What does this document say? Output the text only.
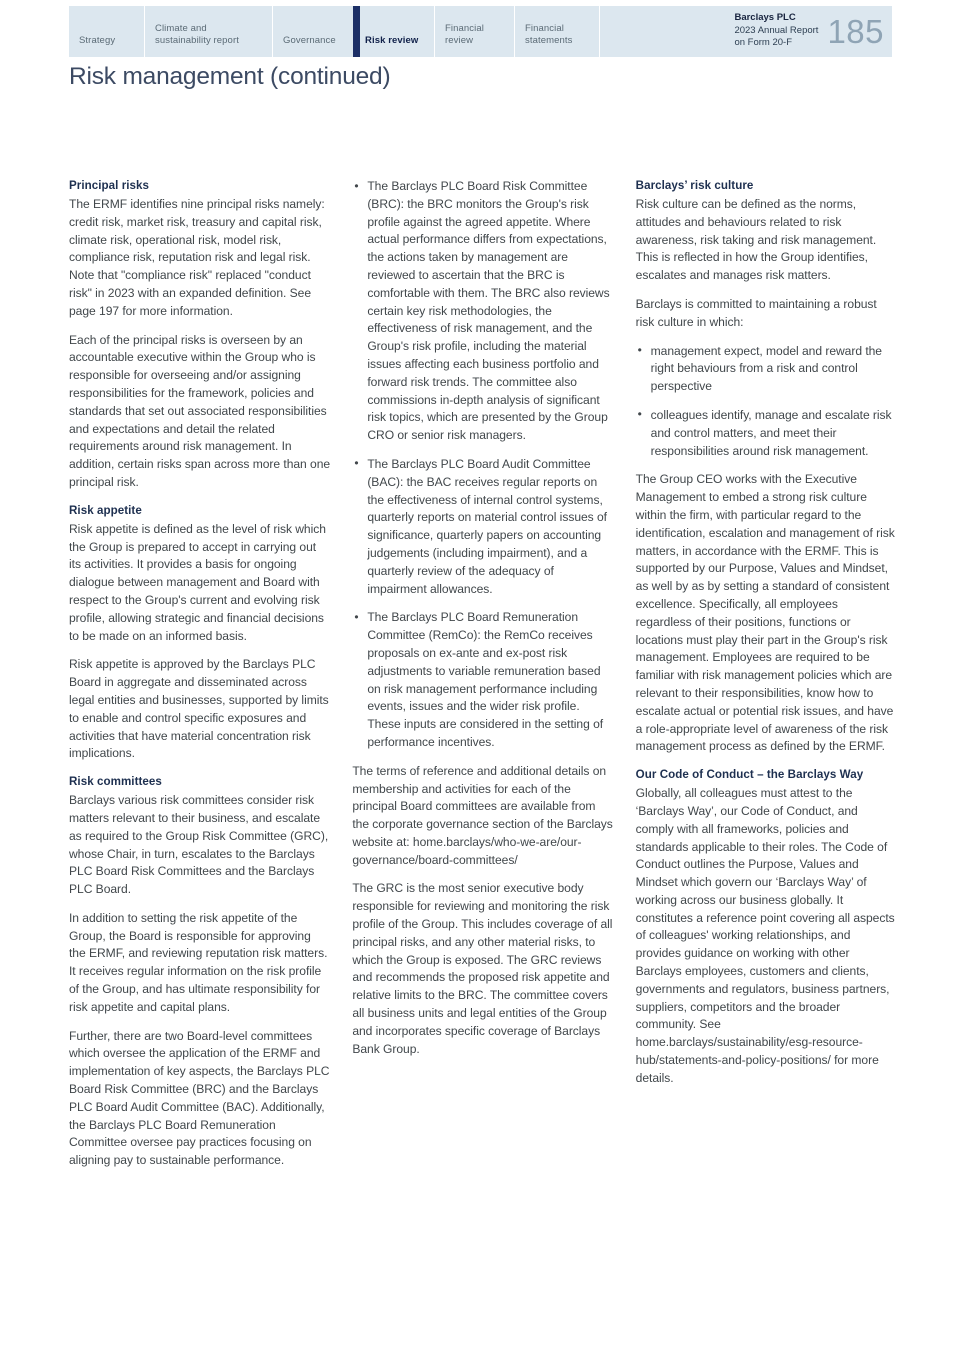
Strategy
Climate and sustainability report	Governance	Risk review
Financial review
Financial statements
Barclays PLC
2023 Annual Report
on Form 20-F	185
Risk management (continued)
Principal risks

The ERMF identifies nine principal risks namely: credit risk, market risk, treasury and capital risk, climate risk, operational risk, model risk, compliance risk, reputation risk and legal risk. Note that "compliance risk" replaced "conduct risk" in 2023 with an expanded definition. See page 197 for more information.

Each of the principal risks is overseen by an accountable executive within the Group who is responsible for overseeing and/or assigning responsibilities for the framework, policies and standards that set out associated responsibilities and expectations and detail the related requirements around risk management. In addition, certain risks span across more than one principal risk.

Risk appetite

Risk appetite is defined as the level of risk which the Group is prepared to accept in carrying out its activities. It provides a basis for ongoing dialogue between management and Board with respect to the Group's current and evolving risk profile, allowing strategic and financial decisions to be made on an informed basis.

Risk appetite is approved by the Barclays PLC Board in aggregate and disseminated across legal entities and businesses, supported by limits to enable and control specific exposures and activities that have material concentration risk implications.

Risk committees

Barclays various risk committees consider risk matters relevant to their business, and escalate as required to the Group Risk Committee (GRC), whose Chair, in turn, escalates to the Barclays PLC Board Risk Committees and the Barclays PLC Board.

In addition to setting the risk appetite of the Group, the Board is responsible for approving the ERMF, and reviewing reputation risk matters. It receives regular information on the risk profile of the Group, and has ultimate responsibility for risk appetite and capital plans.

Further, there are two Board-level committees which oversee the application of the ERMF and implementation of key aspects, the Barclays PLC Board Risk Committee (BRC) and the Barclays PLC Board Audit Committee (BAC). Additionally, the Barclays PLC Board Remuneration Committee oversee pay practices focusing on aligning pay to sustainable performance.

• The Barclays PLC Board Risk Committee (BRC): the BRC monitors the Group's risk profile against the agreed appetite. Where actual performance differs from expectations, the actions taken by management are reviewed to ascertain that the BRC is comfortable with them. The BRC also reviews certain key risk methodologies, the effectiveness of risk management, and the Group's risk profile, including the material issues affecting each business portfolio and forward risk trends. The committee also commissions in-depth analysis of significant risk topics, which are presented by the Group CRO or senior risk managers.
• The Barclays PLC Board Audit Committee (BAC): the BAC receives regular reports on the effectiveness of internal control systems, quarterly reports on material control issues of significance, quarterly papers on accounting judgements (including impairment), and a quarterly review of the adequacy of impairment allowances.
• The Barclays PLC Board Remuneration Committee (RemCo): the RemCo receives proposals on ex-ante and ex-post risk adjustments to variable remuneration based on risk management performance including events, issues and the wider risk profile. These inputs are considered in the setting of performance incentives.

The terms of reference and additional details on membership and activities for each of the principal Board committees are available from the corporate governance section of the Barclays website at: home.barclays/who-we-are/our-governance/board-committees/

The GRC is the most senior executive body responsible for reviewing and monitoring the risk profile of the Group. This includes coverage of all principal risks, and any other material risks, to which the Group is exposed. The GRC reviews and recommends the proposed risk appetite and relative limits to the BRC. The committee covers all business units and legal entities of the Group and incorporates specific coverage of Barclays Bank Group.

Barclays’ risk culture

Risk culture can be defined as the norms, attitudes and behaviours related to risk awareness, risk taking and risk management. This is reflected in how the Group identifies, escalates and manages risk matters.

Barclays is committed to maintaining a robust risk culture in which:

• management expect, model and reward the right behaviours from a risk and control perspective
• colleagues identify, manage and escalate risk and control matters, and meet their responsibilities around risk management.

The Group CEO works with the Executive Management to embed a strong risk culture within the firm, with particular regard to the identification, escalation and management of risk matters, in accordance with the ERMF. This is supported by our Purpose, Values and Mindset, as well by as by setting a standard of consistent excellence. Specifically, all employees regardless of their positions, functions or locations must play their part in the Group's risk management. Employees are required to be familiar with risk management policies which are relevant to their responsibilities, know how to escalate actual or potential risk issues, and have a role-appropriate level of awareness of the risk management process as defined by the ERMF.

Our Code of Conduct – the Barclays Way

Globally, all colleagues must attest to the ‘Barclays Way’, our Code of Conduct, and comply with all frameworks, policies and standards applicable to their roles. The Code of Conduct outlines the Purpose, Values and Mindset which govern our ‘Barclays Way’ of working across our business globally. It constitutes a reference point covering all aspects of colleagues' working relationships, and provides guidance on working with other Barclays employees, customers and clients, governments and regulators, business partners, suppliers, competitors and the broader community. See home.barclays/sustainability/esg-resource-hub/statements-and-policy-positions/ for more details.
